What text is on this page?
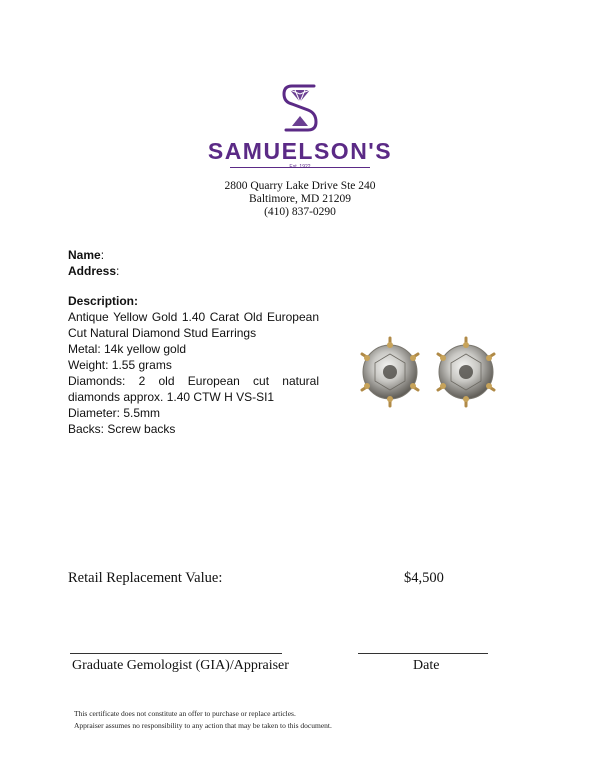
SAMUELSON'S
Est. 1922
2800 Quarry Lake Drive Ste 240
Baltimore, MD 21209
(410) 837-0290
Name:
Address:
Description:
Antique Yellow Gold 1.40 Carat Old European
Cut Natural Diamond Stud Earrings
Metal: 14k yellow gold
Weight: 1.55 grams
Diamonds: 2 old European cut natural
diamonds approx. 1.40 CTW H VS-SI1
Diameter: 5.5mm
Backs: Screw backs
Retail Replacement Value:	$4,500
Graduate Gemologist (GIA)/Appraiser	Date
This certificate does not constitute an offer to purchase or replace articles.
Appraiser assumes no responsibility to any action that may be taken to this document.
